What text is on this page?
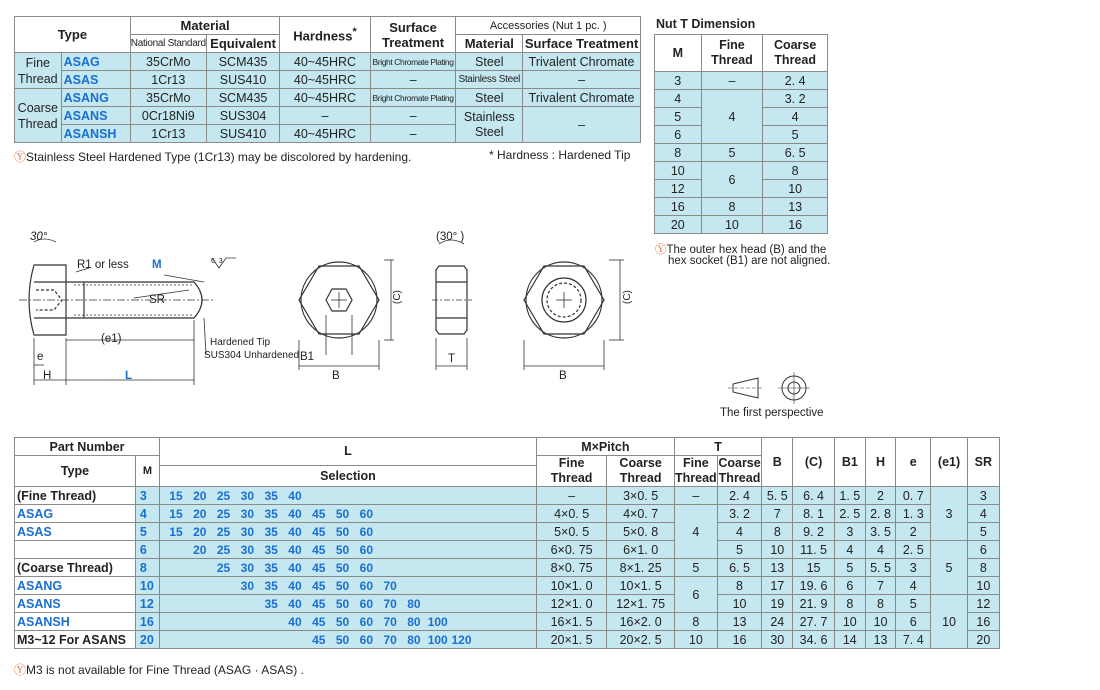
Type		Material		Hardness*	Surface Treatment	Accessories (Nut 1 pc. )	
		National Standard	Equivalent			Material	Surface Treatment
Fine Thread	ASAG	35CrMo	SCM435	40~45HRC	Bright Chromate Plating	Steel	Trivalent Chromate
	ASAS	1Cr13	SUS410	40~45HRC	–	Stainless Steel	–
Coarse Thread	ASANG	35CrMo	SCM435	40~45HRC	Bright Chromate Plating	Steel	Trivalent Chromate
	ASANS	0Cr18Ni9	SUS304	–	–	Stainless Steel	–
	ASANSH	1Cr13	SUS410	40~45HRC	–		
ⓎStainless Steel Hardened Type (1Cr13) may be discolored by hardening.	* Hardness : Hardened Tip
Nut T Dimension
M	Fine Thread	Coarse Thread
3	–	2. 4
4	4	3. 2
5		4
6		5
8	5	6. 5
10	6	8
12		10
16	8	13
20	10	16
ⓎThe outer hex head (B) and the
hex socket (B1) are not aligned.
30°
R1 or less M	6. 3
SR
(e1)
e
H	L
Hardened Tip
SUS304 Unhardened B1
B
(C)
(30° )
T
B
(C)
The first perspective
Part Number		L	M×Pitch		T		B	(C)	B1	H	e	(e1)	SR
Type	M		Fine Thread	Coarse Thread	Fine Thread	Coarse Thread							
		Selection											
(Fine Thread)	3	15 20 25 30 35 40	–	3×0. 5	–	2. 4	5. 5	6. 4	1. 5	2	0. 7	3	3
ASAG	4	15 20 25 30 35 40 45 50 60	4×0. 5	4×0. 7	4	3. 2	7	8. 1	2. 5	2. 8	1. 3		4
ASAS	5	15 20 25 30 35 40 45 50 60	5×0. 5	5×0. 8		4	8	9. 2	3	3. 5	2		5
	6	20 25 30 35 40 45 50 60	6×0. 75	6×1. 0		5	10	11. 5	4	4	2. 5	5	6
(Coarse Thread)	8	25 30 35 40 45 50 60	8×0. 75	8×1. 25	5	6. 5	13	15	5	5. 5	3		8
ASANG	10	30 35 40 45 50 60 70	10×1. 0	10×1. 5	6	8	17	19. 6	6	7	4		10
ASANS	12	35 40 45 50 60 70 80	12×1. 0	12×1. 75		10	19	21. 9	8	8	5	10	12
ASANSH	16	40 45 50 60 70 80 100	16×1. 5	16×2. 0	8	13	24	27. 7	10	10	6		16
M3~12 For ASANS	20	45 50 60 70 80 100 120	20×1. 5	20×2. 5	10	16	30	34. 6	14	13	7. 4		20
ⓎM3 is not available for Fine Thread (ASAG · ASAS) .
